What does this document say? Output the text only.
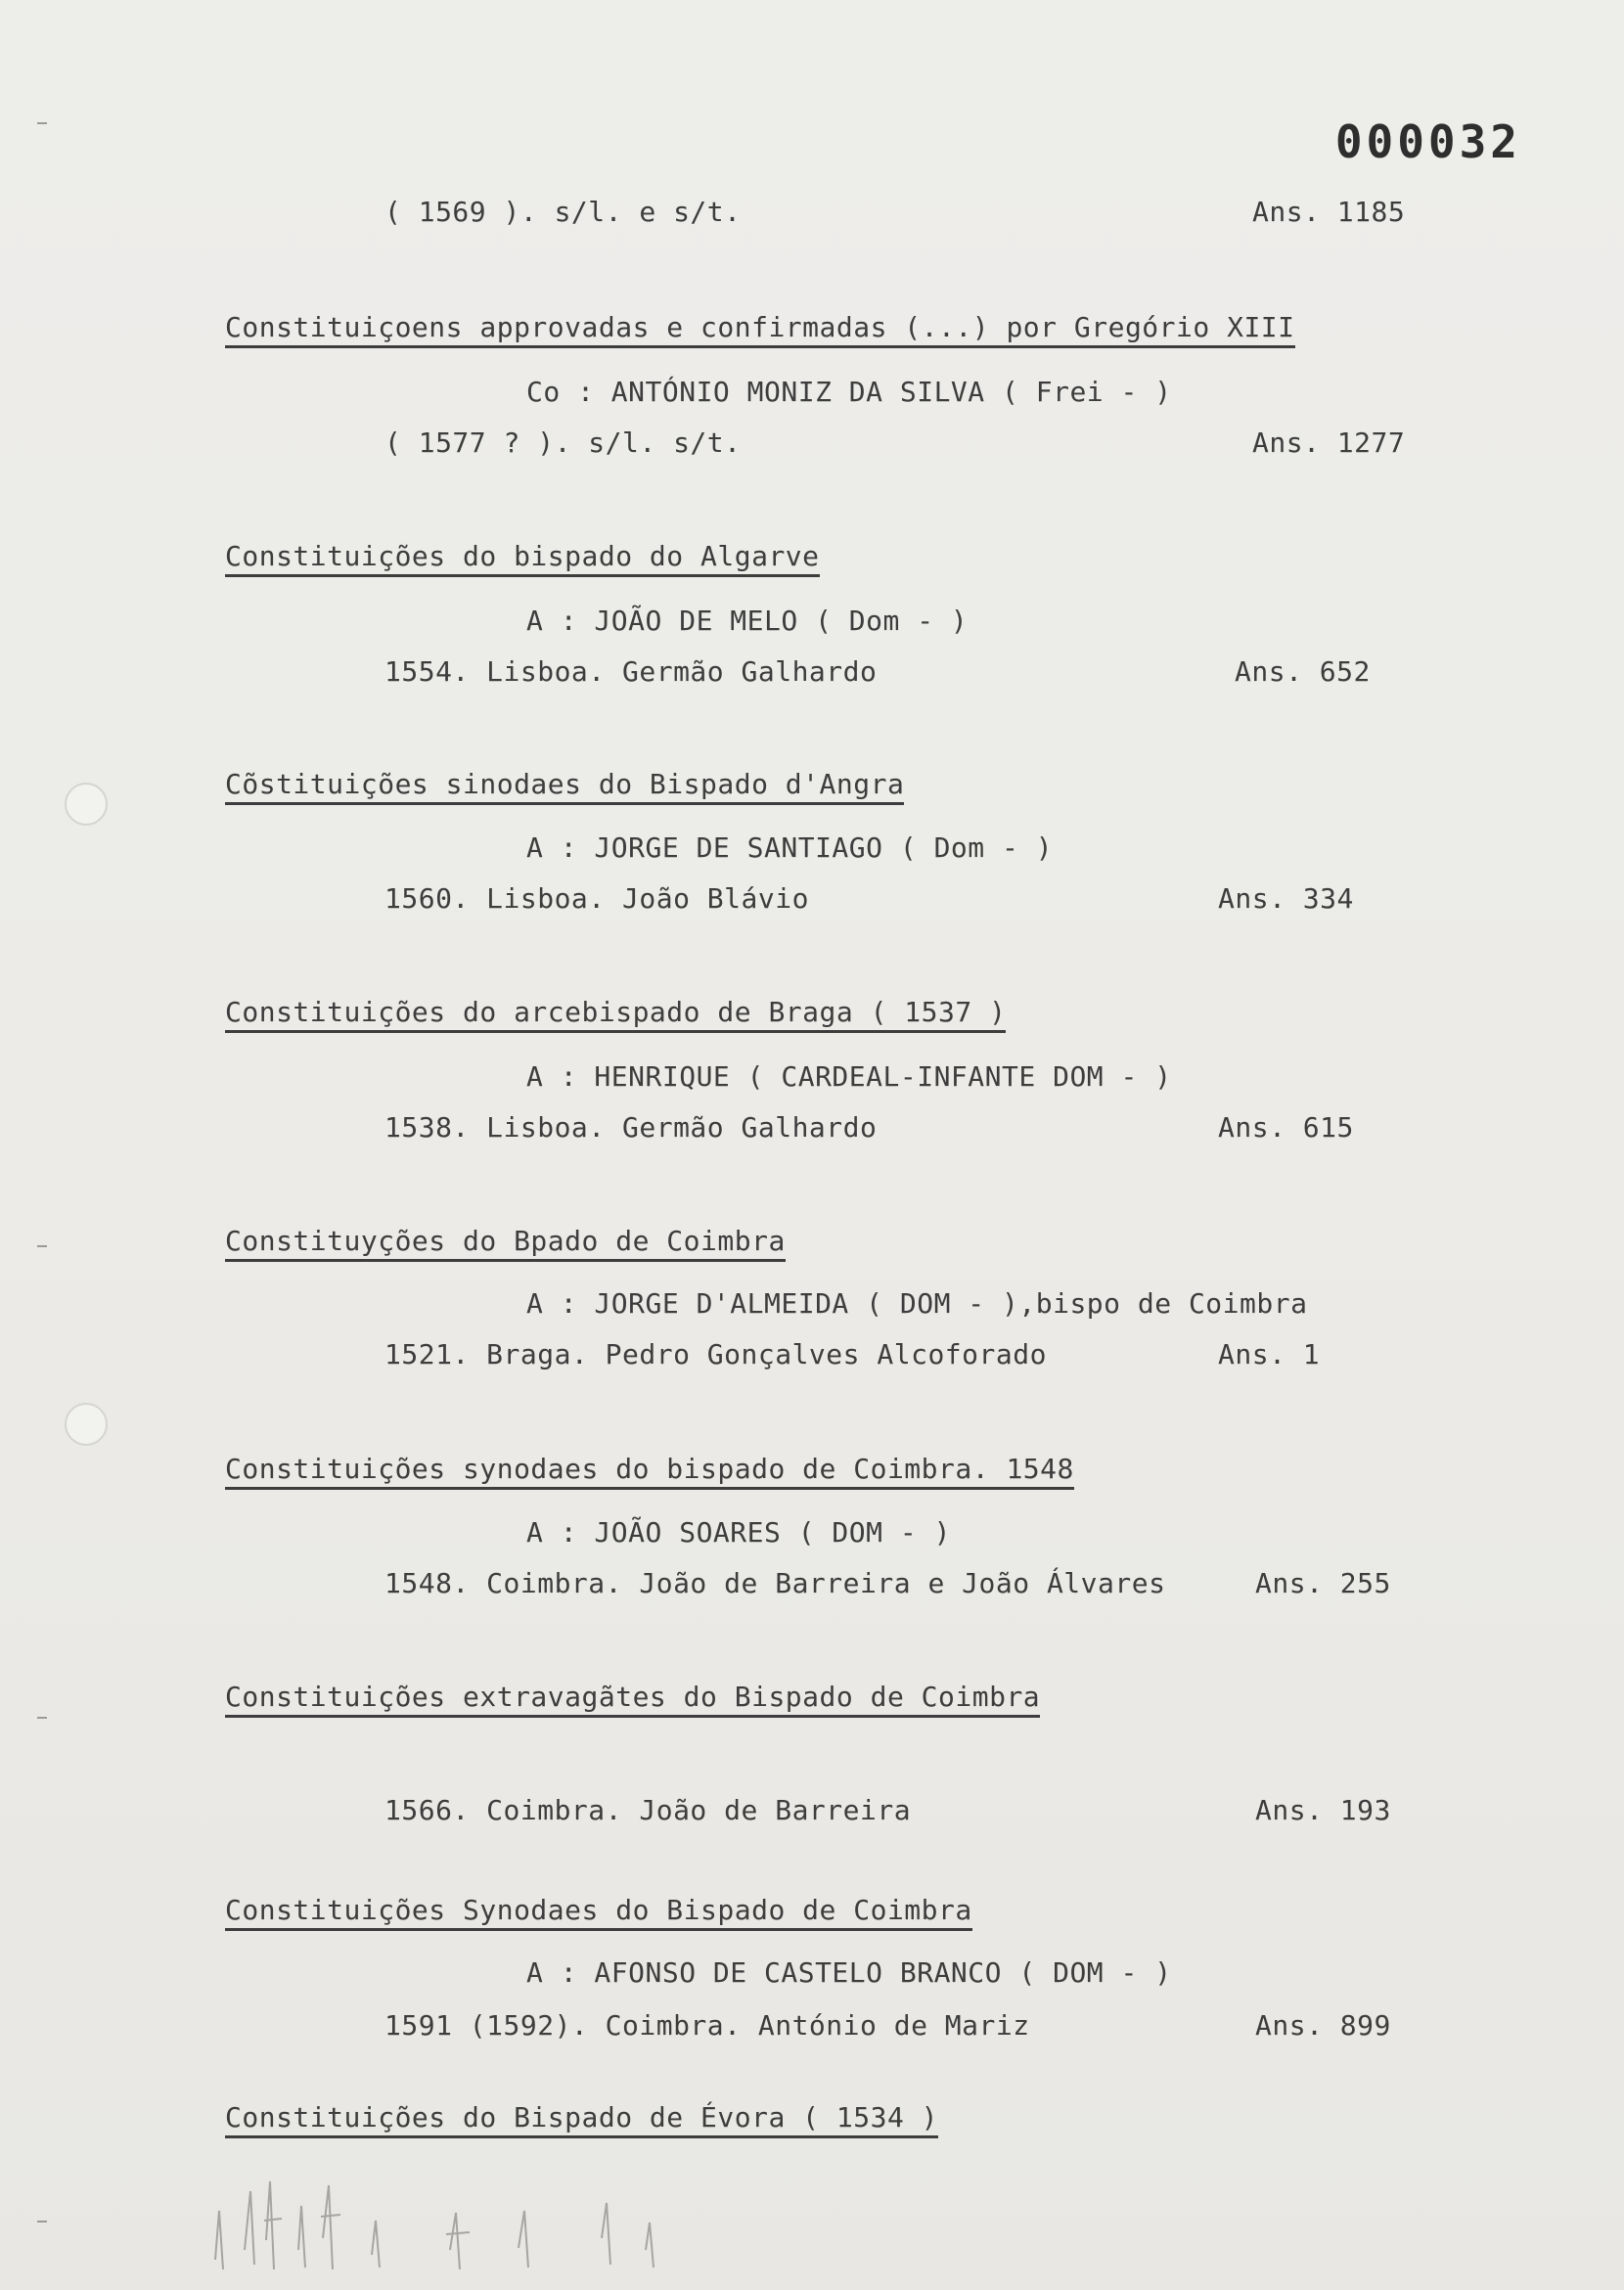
000032
( 1569 ). s/l. e s/t.	Ans. 1185
Constituiçoens approvadas e confirmadas (...) por Gregório XIII
Co : ANTÓNIO MONIZ DA SILVA ( Frei - )
( 1577 ? ). s/l. s/t.	Ans. 1277
Constituições do bispado do Algarve
A : JOÃO DE MELO ( Dom - )
1554. Lisboa. Germão Galhardo	Ans. 652
Cõstituições sinodaes do Bispado d'Angra
A : JORGE DE SANTIAGO ( Dom - )
1560. Lisboa. João Blávio	Ans. 334
Constituições do arcebispado de Braga ( 1537 )
A : HENRIQUE ( CARDEAL-INFANTE DOM - )
1538. Lisboa. Germão Galhardo	Ans. 615
Constituyções do Bpado de Coimbra
A : JORGE D'ALMEIDA ( DOM - ),bispo de Coimbra
1521. Braga. Pedro Gonçalves Alcoforado	Ans. 1
Constituições synodaes do bispado de Coimbra. 1548
A : JOÃO SOARES ( DOM - )
1548. Coimbra. João de Barreira e João Álvares	Ans. 255
Constituições extravagãtes do Bispado de Coimbra
1566. Coimbra. João de Barreira	Ans. 193
Constituições Synodaes do Bispado de Coimbra
A : AFONSO DE CASTELO BRANCO ( DOM - )
1591 (1592). Coimbra. António de Mariz	Ans. 899
Constituições do Bispado de Évora ( 1534 )
